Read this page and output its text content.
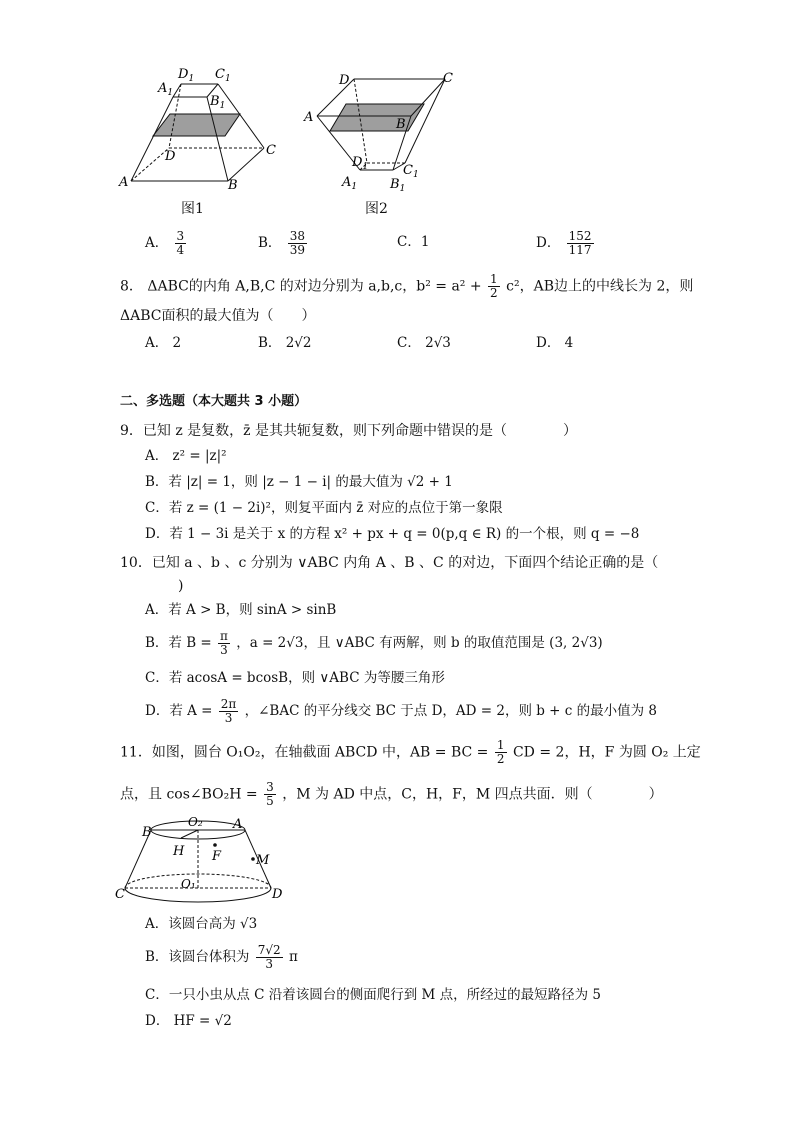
$D_1$ $C_1$
$A_1$
$B_1$
D	C
A	B
图1
D	C
A	B
$D_1$	$C_1$
$A_1$	$B_1$
图2
A． $\frac{3}{4}$	B． $\frac{38}{39}$	C．1	D． $\frac{152}{117}$
8． ΔABC的内角 A,B,C 的对边分别为 a,b,c，$b^2 = a^2 + \frac{1}{2} c^2$，AB边上的中线长为 2，则
ΔABC面积的最大值为（　　）
A． 2	B． 2√2	C． 2√3	D． 4
二、多选题（本大题共 3 小题）
9．已知 z 是复数，z̄ 是其共轭复数，则下列命题中错误的是（　　　　）
A． z² = |z|²
B．若 |z| = 1，则 |z − 1 − i| 的最大值为 √2 + 1
C．若 z = (1 − 2i)²，则复平面内 z̄ 对应的点位于第一象限
D．若 1 − 3i 是关于 x 的方程 x² + px + q = 0(p,q ∈ R) 的一个根，则 q = −8
10．已知 a 、b 、c 分别为 ∨ABC 内角 A 、B 、C 的对边，下面四个结论正确的是（
)
A．若 A > B，则 sinA > sinB
B．若 $B = \frac{\pi}{3}$ ，a = 2√3，且 ∨ABC 有两解，则 b 的取值范围是 (3, 2√3)
C．若 acosA = bcosB，则 ∨ABC 为等腰三角形
D．若 $A = \frac{2\pi}{3}$ ，∠BAC 的平分线交 BC 于点 D，AD = 2，则 b + c 的最小值为 8
11．如图，圆台 O₁O₂，在轴截面 ABCD 中，AB = BC = $\frac{1}{2}$ CD = 2，H，F 为圆 O₂ 上定
点，且 cos∠BO₂H = $\frac{3}{5}$ ，M 为 AD 中点，C，H，F，M 四点共面．则（　　　　）
B
O₂ A
H F	M
C
O₁
D
A．该圆台高为 √3
B．该圆台体积为 $\frac{7√2}{3}$ π
C．一只小虫从点 C 沿着该圆台的侧面爬行到 M 点，所经过的最短路径为 5
D． HF = √2
